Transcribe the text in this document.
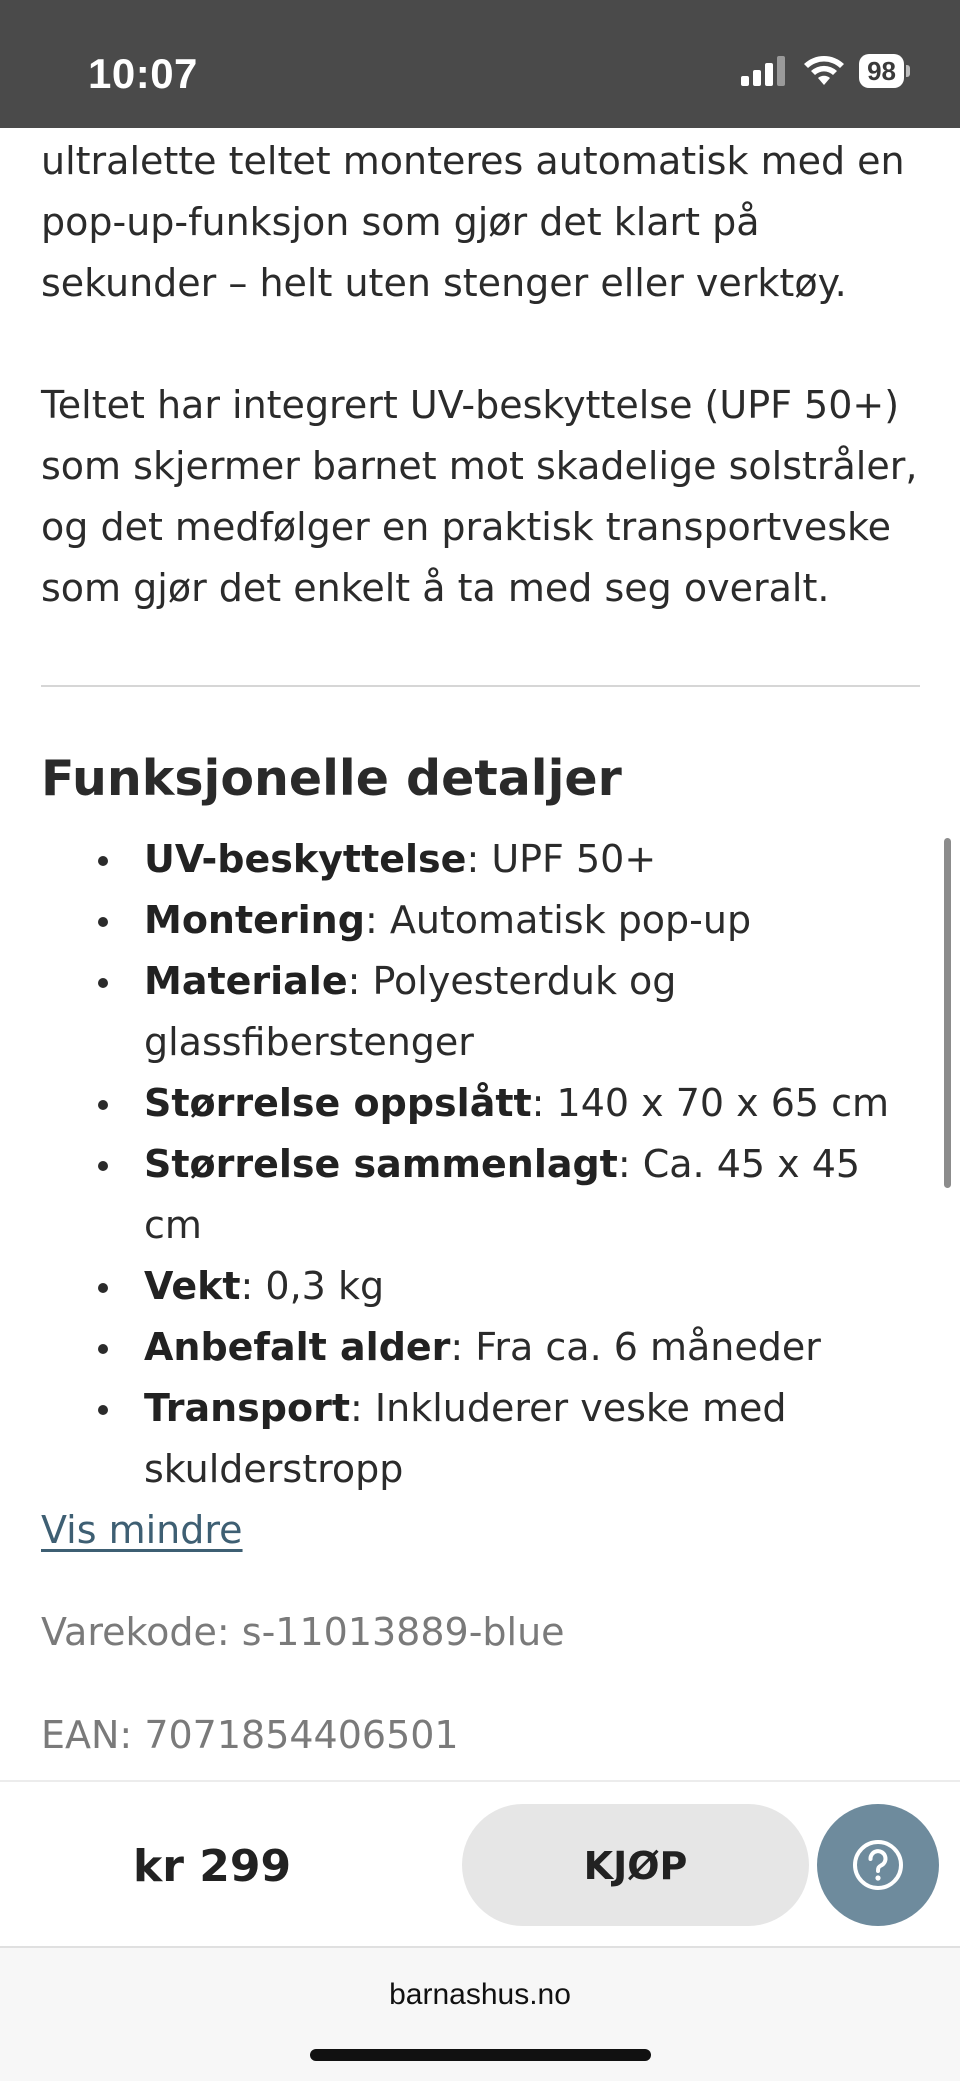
10:07	98

ultralette teltet monteres automatisk med en pop-up-funksjon som gjør det klart på sekunder – helt uten stenger eller verktøy.

Teltet har integrert UV-beskyttelse (UPF 50+) som skjermer barnet mot skadelige solstråler, og det medfølger en praktisk transportveske som gjør det enkelt å ta med seg overalt.

Funksjonelle detaljer
UV-beskyttelse: UPF 50+
Montering: Automatisk pop-up
Materiale: Polyesterduk og glassfiberstenger
Størrelse oppslått: 140 x 70 x 65 cm
Størrelse sammenlagt: Ca. 45 x 45 cm
Vekt: 0,3 kg
Anbefalt alder: Fra ca. 6 måneder
Transport: Inkluderer veske med skulderstropp
Vis mindre
Varekode: s-11013889-blue
EAN: 7071854406501
kr 299	KJØP
barnashus.no
